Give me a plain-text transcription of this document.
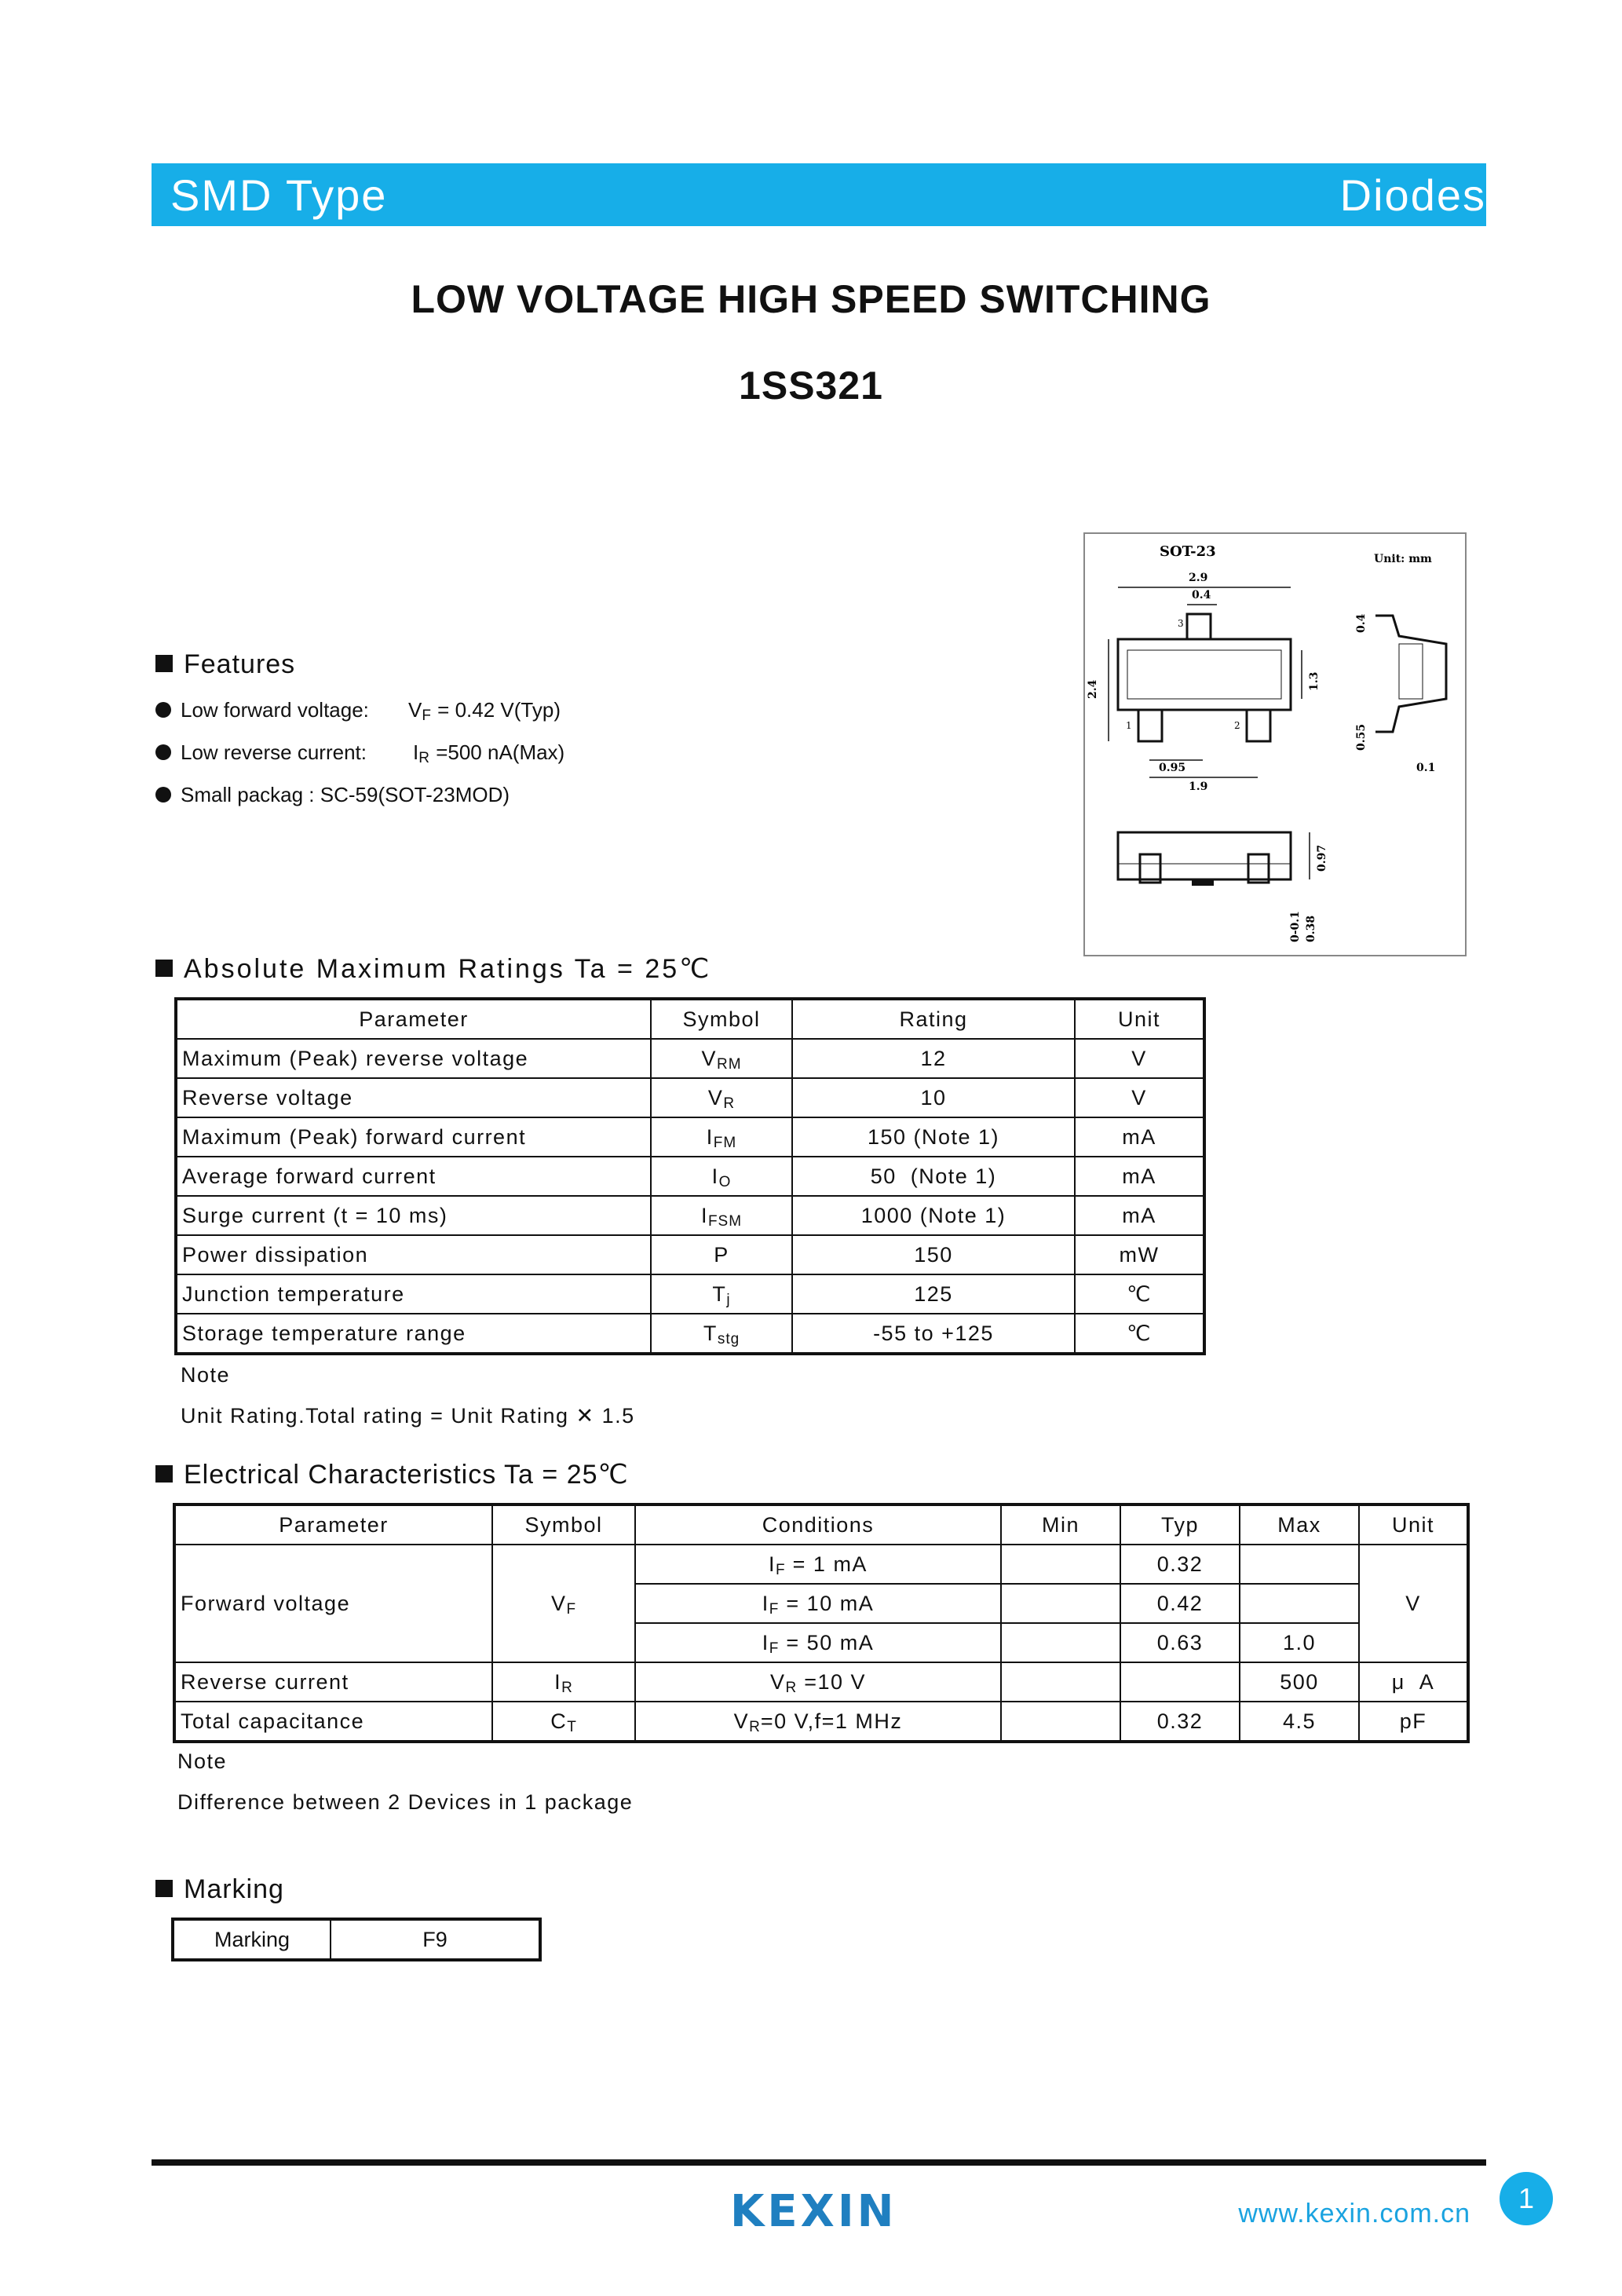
SMD Type	Diodes
LOW VOLTAGE HIGH SPEED SWITCHING
1SS321
SOT-23	Unit: mm
2.9
0.4
3
1	2
2.4	1.3
0.95
1.9
0.4
0.55
0.1
0.97
0-0.1 0.38
Features
Low forward voltage: $V_F = 0.42$ V(Typ)
Low reverse current: $I_R =500$ nA(Max)
Small packag : SC-59(SOT-23MOD)
Absolute Maximum Ratings Ta = 25℃
Parameter	Symbol	Rating	Unit
Maximum (Peak) reverse voltage	$V_{RM}$	12	V
Reverse voltage	$V_R$	10	V
Maximum (Peak) forward current	$I_{FM}$	150 (Note 1)	mA
Average forward current	$I_O$	50  (Note 1)	mA
Surge current (t = 10 ms)	$I_{FSM}$	1000 (Note 1)	mA
Power dissipation	P	150	mW
Junction temperature	$T_j$	125	℃
Storage temperature range	$T_{stg}$	-55 to +125	℃
Note
Unit Rating.Total rating = Unit Rating ✕ 1.5
Electrical Characteristics Ta = 25℃
Parameter	Symbol	Conditions	Min	Typ	Max	Unit
Forward voltage	$V_F$	$I_F = 1$ mA		0.32		V
		$I_F = 10$ mA		0.42		
		$I_F = 50$ mA		0.63	1.0	
Reverse current	$I_R$	$V_R =10$ V			500	μ  A
Total capacitance	$C_T$	$V_R=0$ V,f=1 MHz		0.32	4.5	pF
Note
Difference between 2 Devices in 1 package
Marking
Marking	F9
KEXIN	www.kexin.com.cn	1
